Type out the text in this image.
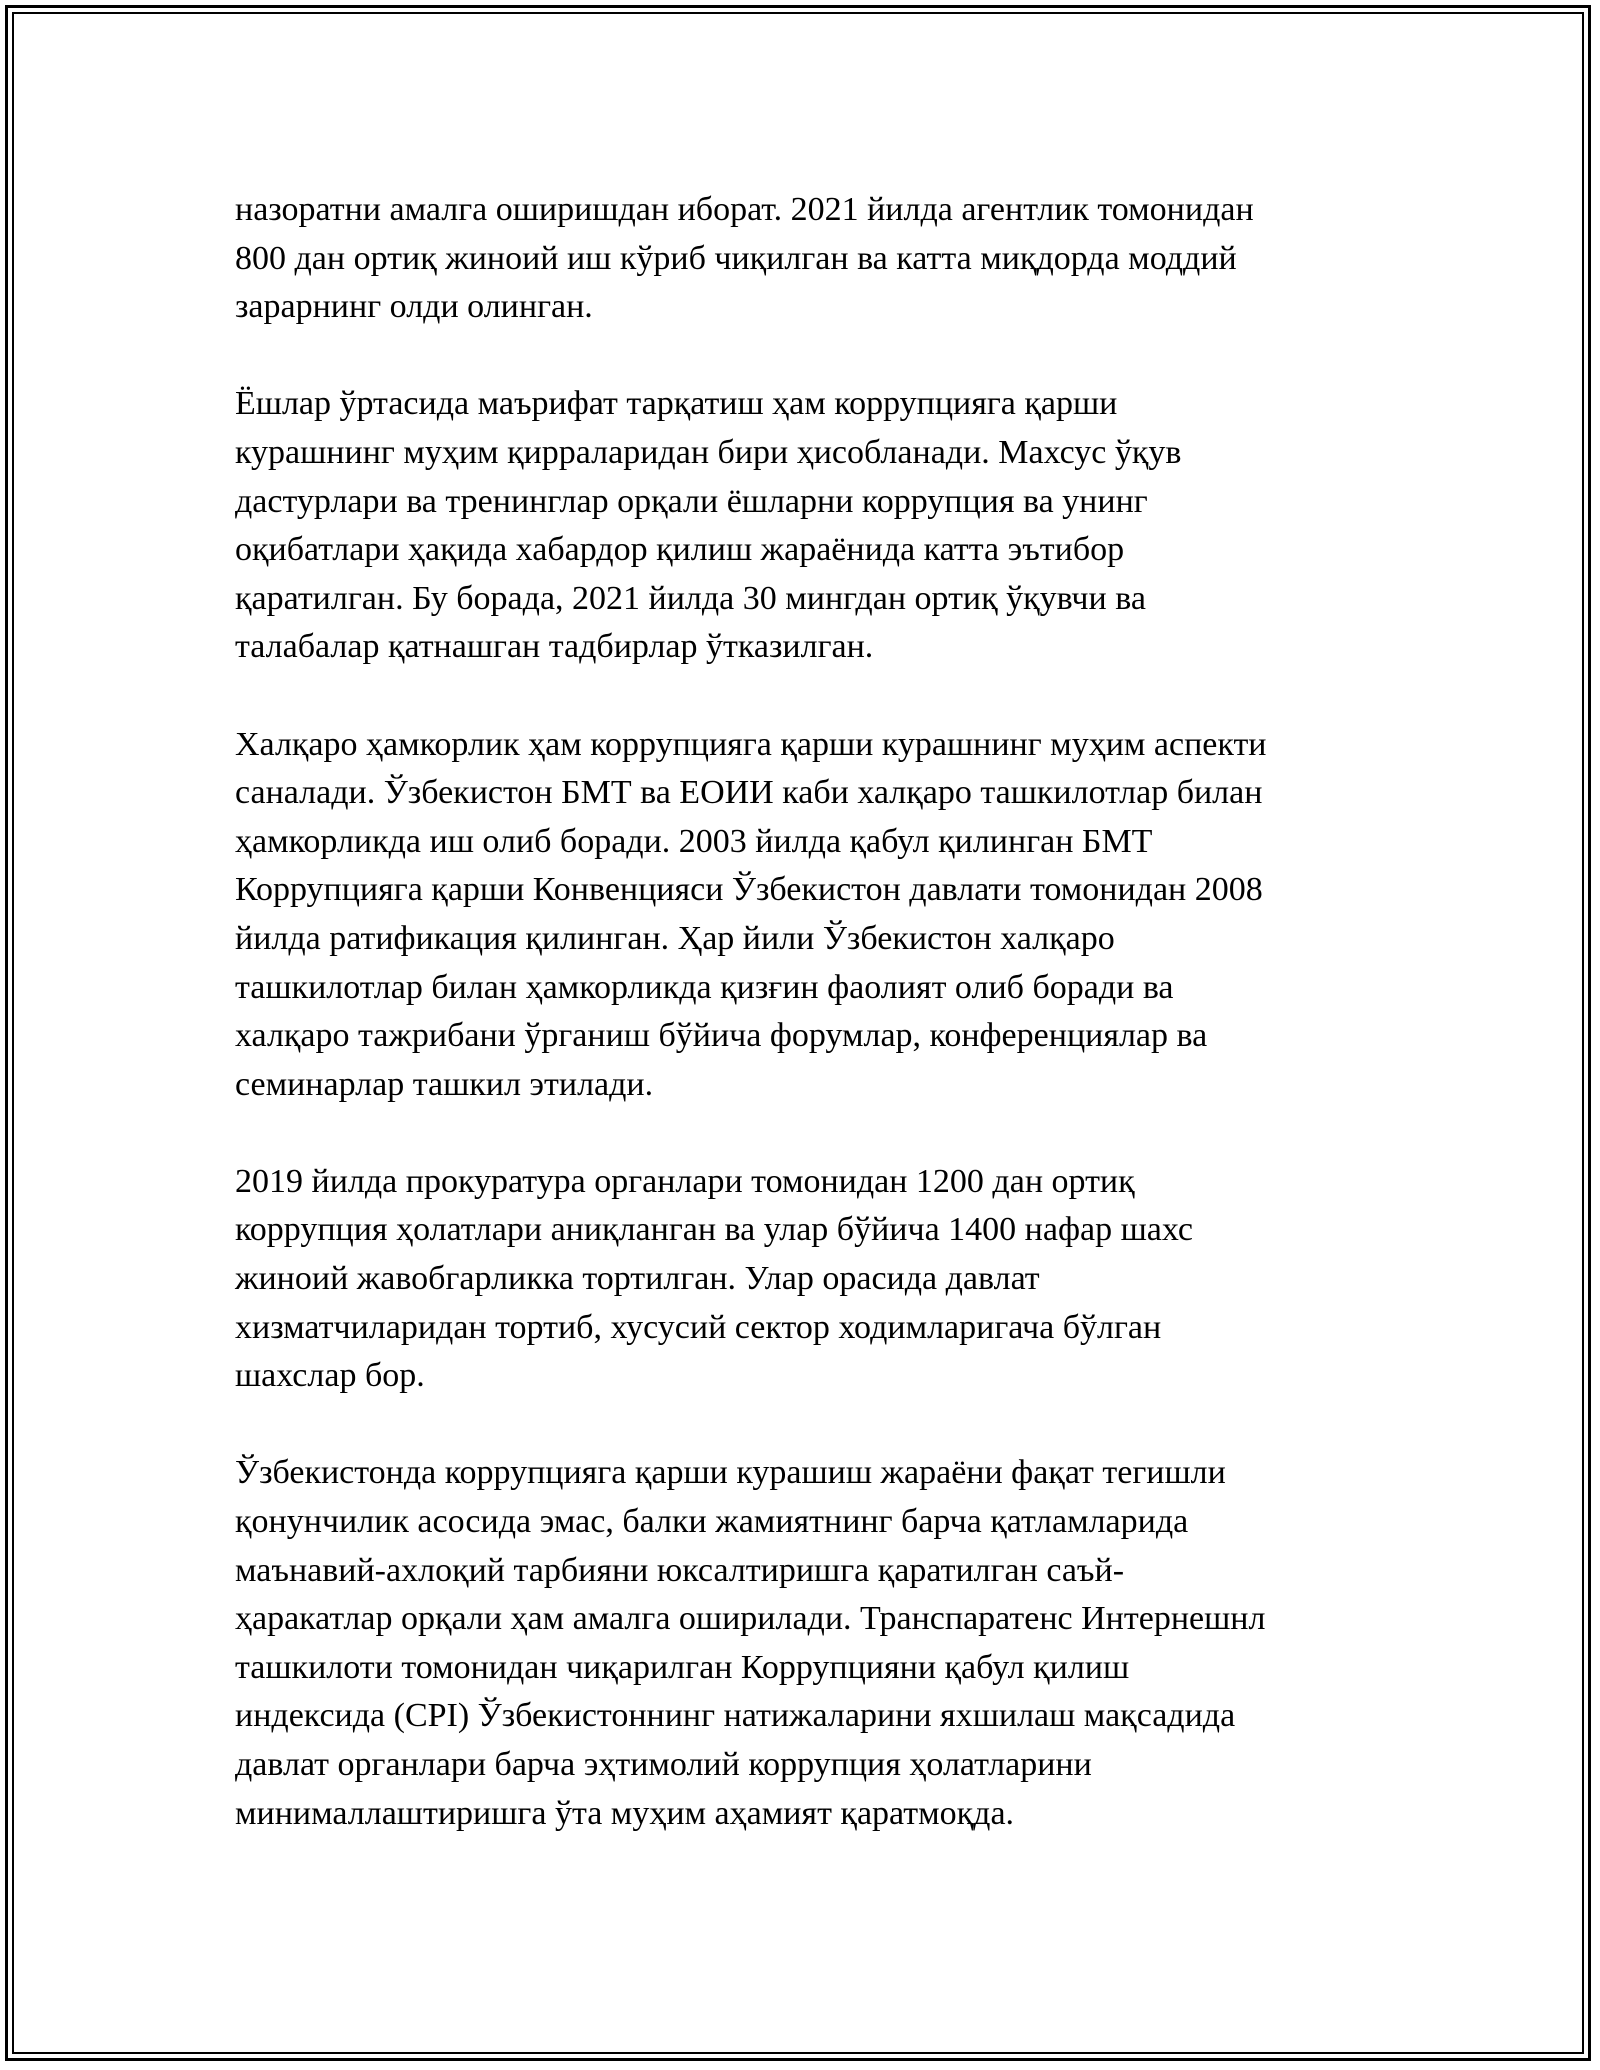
назоратни амалга оширишдан иборат. 2021 йилда агентлик томонидан
800 дан ортиқ жиноий иш кўриб чиқилган ва катта миқдорда моддий
зарарнинг олди олинган.
Ёшлар ўртасида маърифат тарқатиш ҳам коррупцияга қарши
курашнинг муҳим қирраларидан бири ҳисобланади. Махсус ўқув
дастурлари ва тренинглар орқали ёшларни коррупция ва унинг
оқибатлари ҳақида хабардор қилиш жараёнида катта эътибор
қаратилган. Бу борада, 2021 йилда 30 мингдан ортиқ ўқувчи ва
талабалар қатнашган тадбирлар ўтказилган.
Халқаро ҳамкорлик ҳам коррупцияга қарши курашнинг муҳим аспекти
саналади. Ўзбекистон БМТ ва ЕОИИ каби халқаро ташкилотлар билан
ҳамкорликда иш олиб боради. 2003 йилда қабул қилинган БМТ
Коррупцияга қарши Конвенцияси Ўзбекистон давлати томонидан 2008
йилда ратификация қилинган. Ҳар йили Ўзбекистон халқаро
ташкилотлар билан ҳамкорликда қизғин фаолият олиб боради ва
халқаро тажрибани ўрганиш бўйича форумлар, конференциялар ва
семинарлар ташкил этилади.
2019 йилда прокуратура органлари томонидан 1200 дан ортиқ
коррупция ҳолатлари аниқланган ва улар бўйича 1400 нафар шахс
жиноий жавобгарликка тортилган. Улар орасида давлат
хизматчиларидан тортиб, хусусий сектор ходимларигача бўлган
шахслар бор.
Ўзбекистонда коррупцияга қарши курашиш жараёни фақат тегишли
қонунчилик асосида эмас, балки жамиятнинг барча қатламларида
маънавий-ахлоқий тарбияни юксалтиришга қаратилган саъй-
ҳаракатлар орқали ҳам амалга оширилади. Транспаратенс Интернешнл
ташкилоти томонидан чиқарилган Коррупцияни қабул қилиш
индексида (CPI) Ўзбекистоннинг натижаларини яхшилаш мақсадида
давлат органлари барча эҳтимолий коррупция ҳолатларини
минималлаштиришга ўта муҳим аҳамият қаратмоқда.
